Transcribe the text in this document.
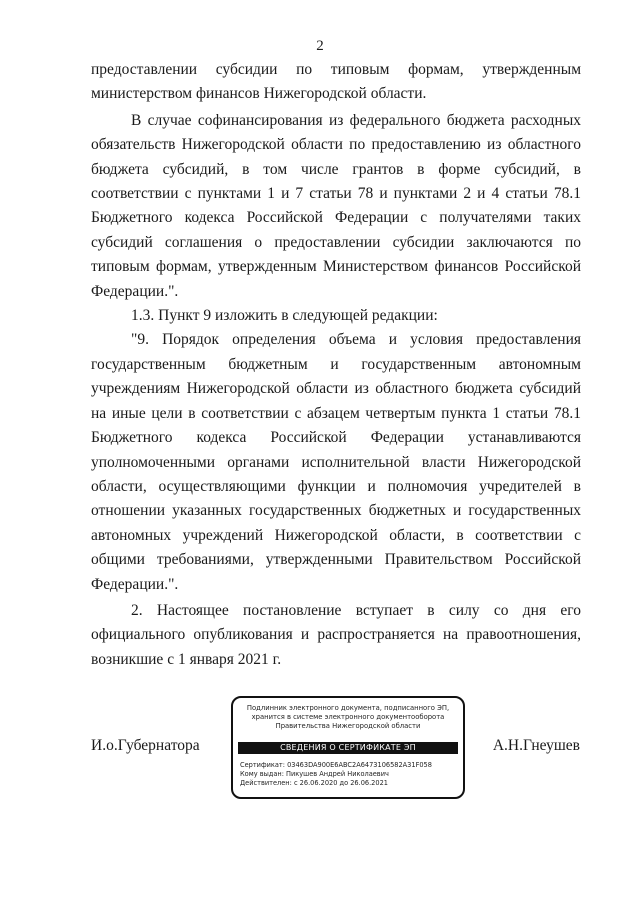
2

предоставлении субсидии по типовым формам, утвержденным министерством финансов Нижегородской области.

В случае софинансирования из федерального бюджета расходных обязательств Нижегородской области по предоставлению из областного бюджета субсидий, в том числе грантов в форме субсидий, в соответствии с пунктами 1 и 7 статьи 78 и пунктами 2 и 4 статьи 78.1 Бюджетного кодекса Российской Федерации с получателями таких субсидий соглашения о предоставлении субсидии заключаются по типовым формам, утвержденным Министерством финансов Российской Федерации.".

1.3. Пункт 9 изложить в следующей редакции:

"9. Порядок определения объема и условия предоставления государственным бюджетным и государственным автономным учреждениям Нижегородской области из областного бюджета субсидий на иные цели в соответствии с абзацем четвертым пункта 1 статьи 78.1 Бюджетного кодекса Российской Федерации устанавливаются уполномоченными органами исполнительной власти Нижегородской области, осуществляющими функции и полномочия учредителей в отношении указанных государственных бюджетных и государственных автономных учреждений Нижегородской области, в соответствии с общими требованиями, утвержденными Правительством Российской Федерации.".

2. Настоящее постановление вступает в силу со дня его официального опубликования и распространяется на правоотношения, возникшие с 1 января 2021 г.

И.о.Губернатора
Подлинник электронного документа, подписанного ЭП,
хранится в системе электронного документооборота
Правительства Нижегородской области
СВЕДЕНИЯ О СЕРТИФИКАТЕ ЭП
Сертификат: 03463DA900E6ABC2A6473106582A31F058
Кому выдан: Пикушев Андрей Николаевич
Действителен: с 26.06.2020 до 26.06.2021
А.Н.Гнеушев
